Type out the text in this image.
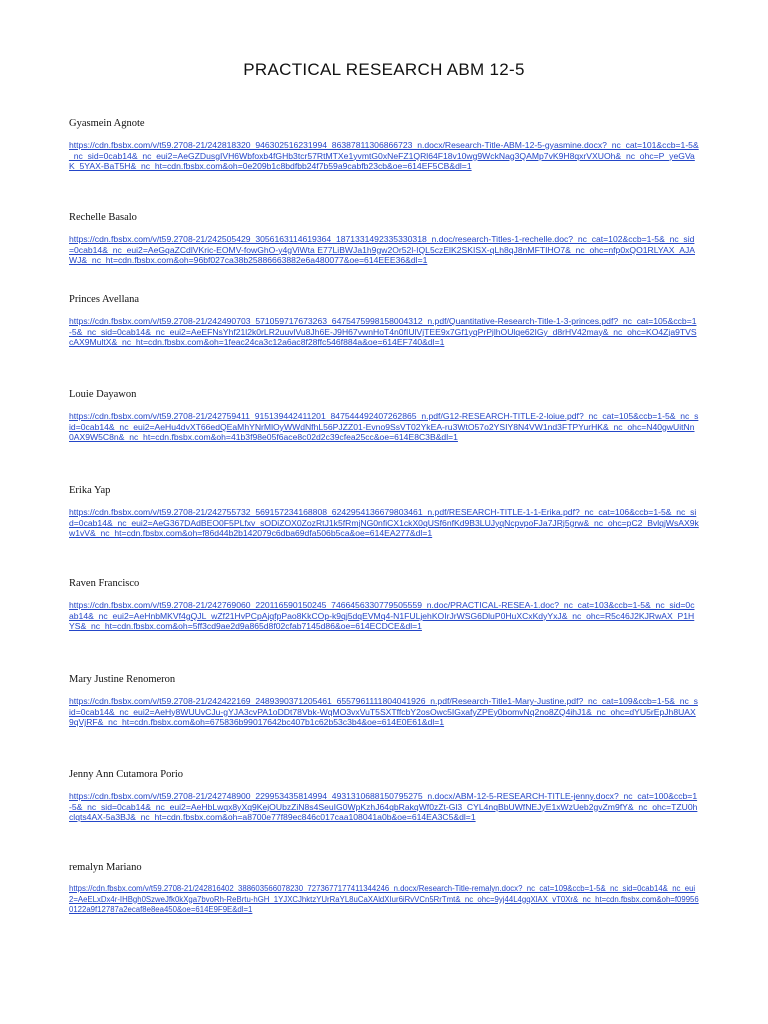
PRACTICAL RESEARCH ABM 12-5
Gyasmein Agnote
https://cdn.fbsbx.com/v/t59.2708-21/242818320_946302516231994_86387811306866723_n.docx/Research-Title-ABM-12-5-gyasmine.docx?_nc_cat=101&ccb=1-5&_nc_sid=0cab14&_nc_eui2=AeGZDusgIVH6Wbfoxb4fGHb3tcr57RtMTXe1yvmtG0xNeFZ1QRl64F18v10wg9WckNag3QAMp7vK9H8qxrVXUOh&_nc_ohc=P_yeGVaK_5YAX-BaT5H&_nc_ht=cdn.fbsbx.com&oh=0e209b1c8bdfbb24f7b59a9cabfb23cb&oe=614EF5CB&dl=1
Rechelle Basalo
https://cdn.fbsbx.com/v/t59.2708-21/242505429_3056163114619364_1871331492335330318_n.doc/research-Titles-1-rechelle.doc?_nc_cat=102&ccb=1-5&_nc_sid=0cab14&_nc_eui2=AeGqaZCdlVKric-EOMV-fowGhO-y4gViWta E77LiBWJa1h9gw2Or52l-IQL5czElK2SKISX-qLh8qJ8nMFTIHO7&_nc_ohc=nfp0xQO1RLYAX_AJAWJ&_nc_ht=cdn.fbsbx.com&oh=96bf027ca38b25886663882e6a480077&oe=614EEE36&dl=1
Princes Avellana
https://cdn.fbsbx.com/v/t59.2708-21/242490703_571059717673263_6475475998158004312_n.pdf/Quantitative-Research-Title-1-3-princes.pdf?_nc_cat=105&ccb=1-5&_nc_sid=0cab14&_nc_eui2=AeEFNsYhf21l2k0rLR2uuvlVu8Jh6E-J9H67vwnHoT4n0fIUlVjTEE9x7Gf1yqPrPjlhOUlqe62IGy_d8rHV42may&_nc_ohc=KO4Zja9TVScAX9MultX&_nc_ht=cdn.fbsbx.com&oh=1feac24ca3c12a6ac8f28ffc546f884a&oe=614EF740&dl=1
Louie Dayawon
https://cdn.fbsbx.com/v/t59.2708-21/242759411_915139442411201_847544492407262865_n.pdf/G12-RESEARCH-TITLE-2-loiue.pdf?_nc_cat=105&ccb=1-5&_nc_sid=0cab14&_nc_eui2=AeHu4dvXT66edQEaMhYNrMlOyWWdNfhL56PJZZ01-Evno9SsVT02YkEA-ru3WtO57o2YSIY8N4VW1nd3FTPYurHK&_nc_ohc=N40gwUitNn0AX9W5C8n&_nc_ht=cdn.fbsbx.com&oh=41b3f98e05f6ace8c02d2c39cfea25cc&oe=614E8C3B&dl=1
Erika Yap
https://cdn.fbsbx.com/v/t59.2708-21/242755732_569157234168808_6242954136679803461_n.pdf/RESEARCH-TITLE-1-1-Erika.pdf?_nc_cat=106&ccb=1-5&_nc_sid=0cab14&_nc_eui2=AeG367DAdBEO0F5PLfxv_sODiZOX0ZozRtJ1k5fRmjNG0nfiCX1ckX0qUSf6nfKd9B3LUJyqNcpvpoFJa7JRj5grw&_nc_ohc=pC2_BvlqjWsAX9kw1vV&_nc_ht=cdn.fbsbx.com&oh=f86d44b2b142079c6dba69dfa506b5ca&oe=614EA277&dl=1
Raven Francisco
https://cdn.fbsbx.com/v/t59.2708-21/242769060_220116590150245_7466456330779505559_n.doc/PRACTICAL-RESEA-1.doc?_nc_cat=103&ccb=1-5&_nc_sid=0cab14&_nc_eui2=AeHnbMKVf4gQJL_wZf21HvPCpAjqfpPao8KkCOp-k9qj5dqEVMq4-N1FULjehKOIrJrWSG6DluP0HuXCxKdyYxJ&_nc_ohc=R5c46J2KJRwAX_P1HYS&_nc_ht=cdn.fbsbx.com&oh=5ff3cd9ae2d9a865d8f02cfab7145d86&oe=614ECDCE&dl=1
Mary Justine Renomeron
https://cdn.fbsbx.com/v/t59.2708-21/242422169_2489390371205461_6557961111804041926_n.pdf/Research-Title1-Mary-Justine.pdf?_nc_cat=109&ccb=1-5&_nc_sid=0cab14&_nc_eui2=AeHy8WUUvCJu-gYJA3cvPA1oDDt78Vbk-WqMO3vxVuT5SXTffcbY2osOwc5IGxafyZPEy0bomvNq2no8ZQ4ihJ1&_nc_ohc=dYU5rEpJh8UAX9qVjRF&_nc_ht=cdn.fbsbx.com&oh=675836b99017642bc407b1c62b53c3b4&oe=614E0E61&dl=1
Jenny Ann Cutamora Porio
https://cdn.fbsbx.com/v/t59.2708-21/242748900_229953435814994_4931310688150795275_n.docx/ABM-12-5-RESEARCH-TITLE-jenny.docx?_nc_cat=100&ccb=1-5&_nc_sid=0cab14&_nc_eui2=AeHbLwqx8yXq9KejOUbzZiN8s4SeuIG0WpKzhJ64qbRakqWf0zZt-Gl3_CYL4nqBbUWfNEJyE1xWzUeb2gvZm9fY&_nc_ohc=TZU0hclqts4AX-5a3BJ&_nc_ht=cdn.fbsbx.com&oh=a8700e77f89ec846c017caa108041a0b&oe=614EA3C5&dl=1
remalyn Mariano
https://cdn.fbsbx.com/v/t59.2708-21/242816402_388603566078230_7273677177411344246_n.docx/Research-Title-remalyn.docx?_nc_cat=109&ccb=1-5&_nc_sid=0cab14&_nc_eui2=AeELxDx4r-IHBgh0SzweJfk0kXga7bvoRh-ReBrtu-hGH_1YJXCJhktzYUrRaYL8uCaXAldXIur6iRvVCn5RrTmt&_nc_ohc=9yj44L4gqXlAX_vT0Xr&_nc_ht=cdn.fbsbx.com&oh=f099560122a9f12787a2ecaf8e8ea450&oe=614E9F9E&dl=1
